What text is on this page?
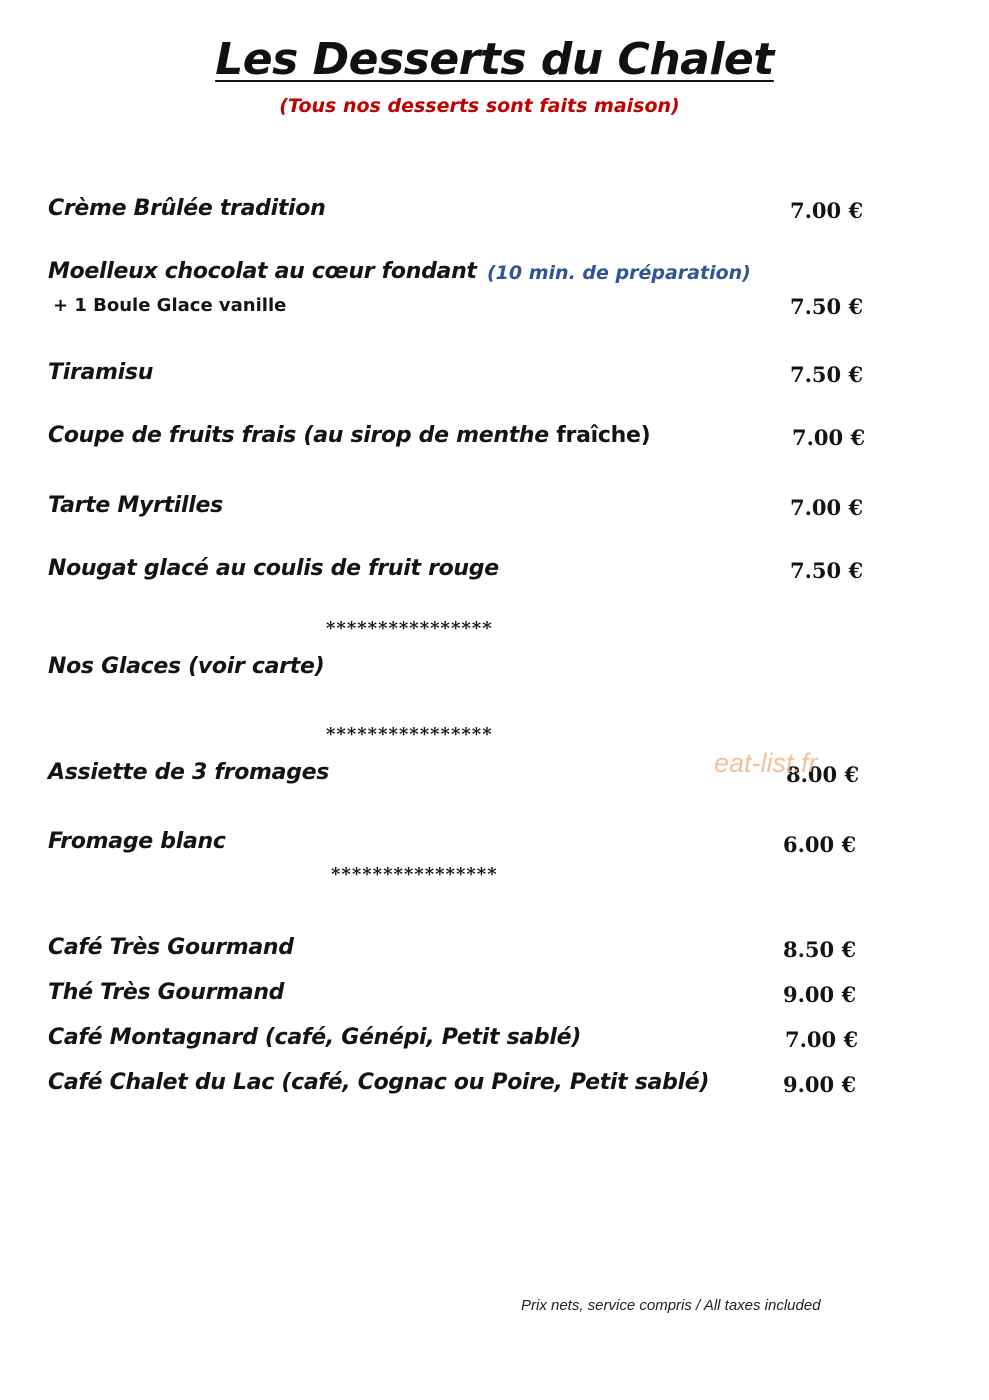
Les Desserts du Chalet
(Tous nos desserts sont faits maison)
Crème Brûlée tradition	7.00 €
Moelleux chocolat au cœur fondant (10 min. de préparation)
+ 1 Boule Glace vanille	7.50 €
Tiramisu	7.50 €
Coupe de fruits frais (au sirop de menthe fraîche)	7.00 €
Tarte Myrtilles	7.00 €
Nougat glacé au coulis de fruit rouge	7.50 €
****************
Nos Glaces (voir carte)
****************
Assiette de 3 fromages	8.00 €
eat-list.fr
Fromage blanc	6.00 €
****************
Café Très Gourmand	8.50 €
Thé Très Gourmand	9.00 €
Café Montagnard (café, Génépi, Petit sablé)	7.00 €
Café Chalet du Lac (café, Cognac ou Poire, Petit sablé)	9.00 €
Prix nets, service compris / All taxes included
